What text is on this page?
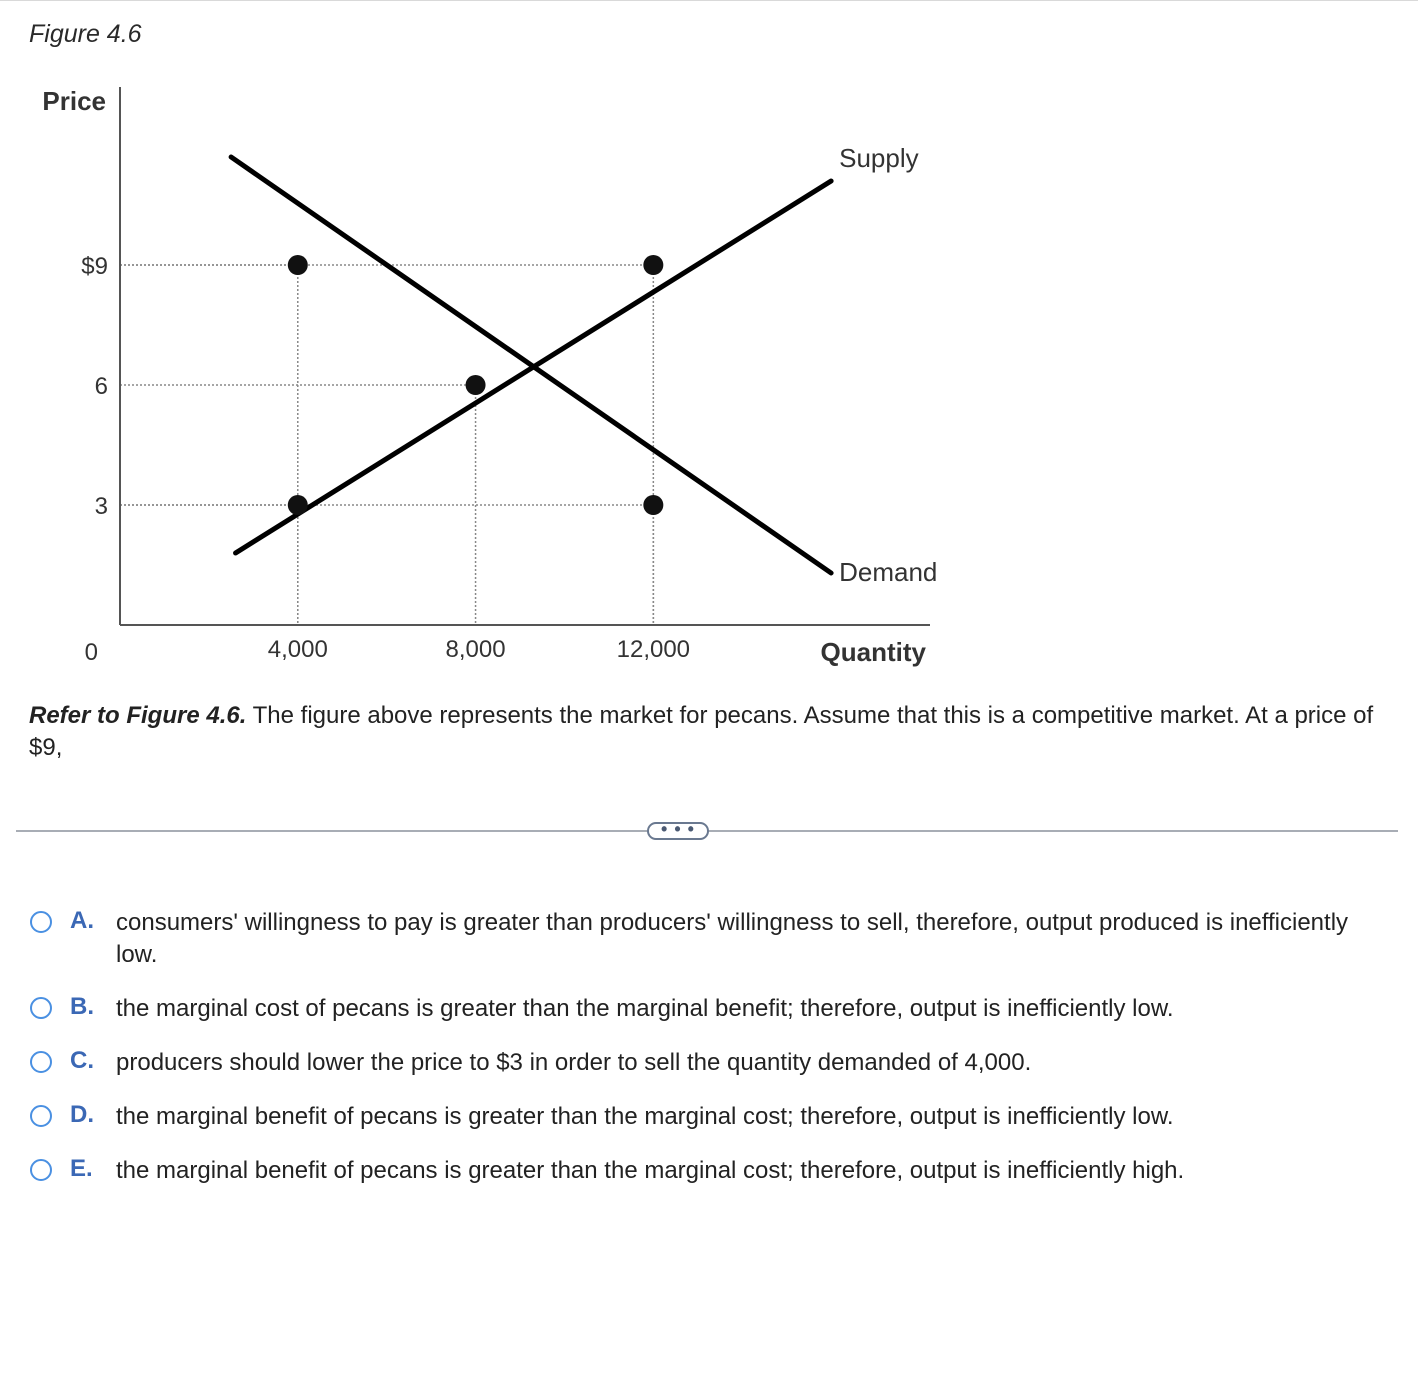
Figure 4.6
Supply
Demand
$9
6
3
0	4,000	8,000	12,000
Price
Quantity
Refer to Figure 4.6. The figure above represents the market for pecans. Assume that this is a competitive market. At a price of $9,
• • •
A. consumers' willingness to pay is greater than producers' willingness to sell, therefore, output produced is inefficiently low.
B. the marginal cost of pecans is greater than the marginal benefit; therefore, output is inefficiently low.
C. producers should lower the price to $3 in order to sell the quantity demanded of 4,000.
D. the marginal benefit of pecans is greater than the marginal cost; therefore, output is inefficiently low.
E. the marginal benefit of pecans is greater than the marginal cost; therefore, output is inefficiently high.
